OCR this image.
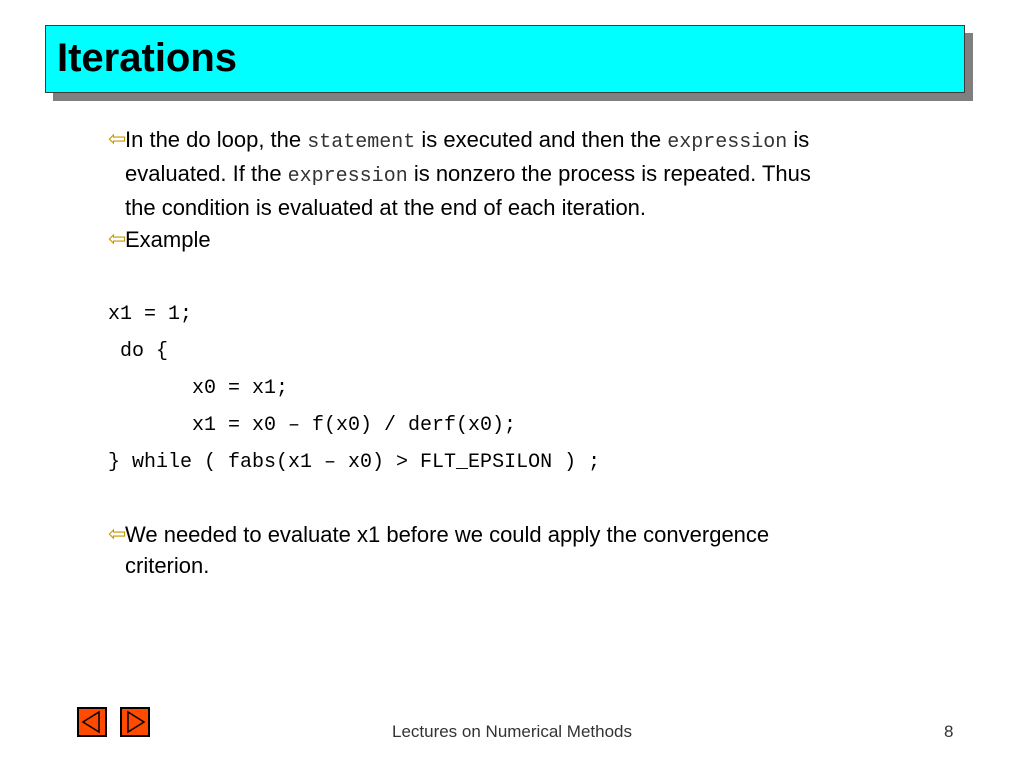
Iterations
⇦
In the do loop, the statement is executed and then the expression is
evaluated. If the expression is nonzero the process is repeated. Thus
the condition is evaluated at the end of each iteration.
⇦
Example
x1 = 1;
do {
x0 = x1;
x1 = x0 – f(x0) / derf(x0);
} while ( fabs(x1 – x0) > FLT_EPSILON ) ;
⇦
We needed to evaluate x1 before we could apply the convergence
criterion.
Lectures on Numerical Methods	8
